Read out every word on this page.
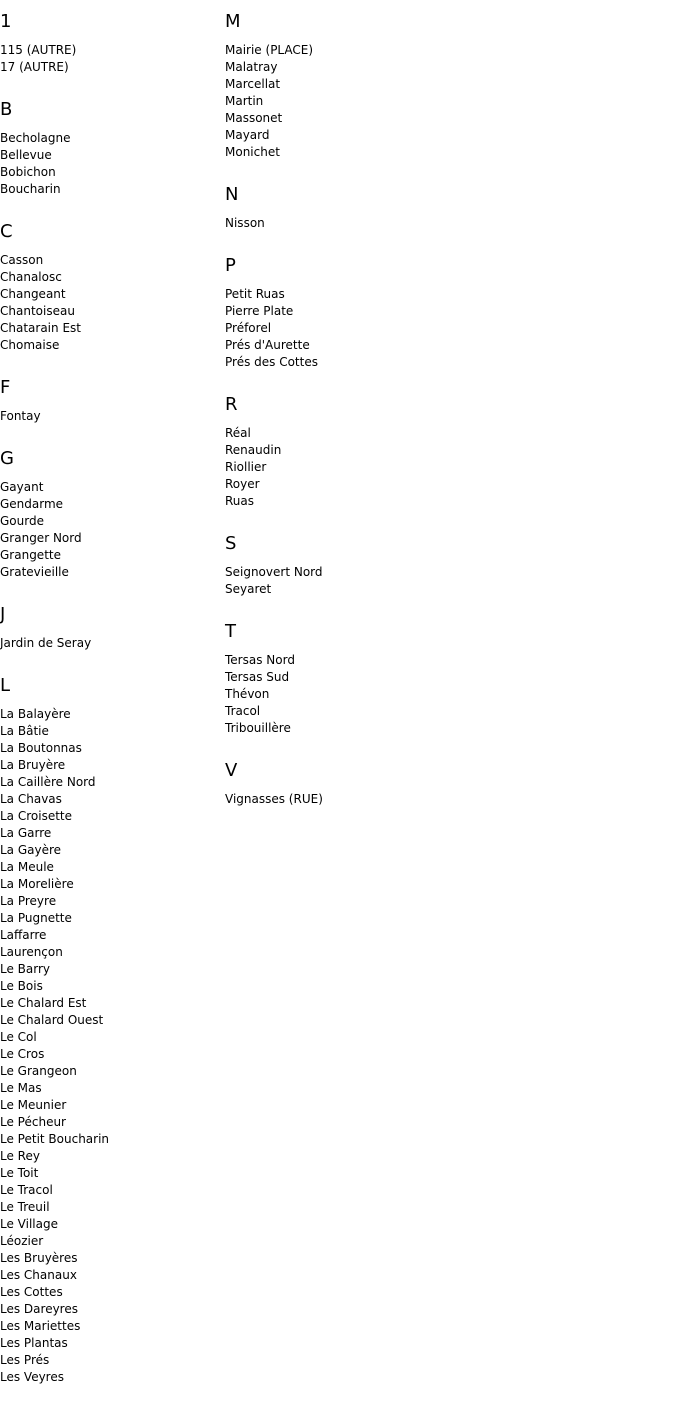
1
115 (AUTRE)
17 (AUTRE)
B
Becholagne
Bellevue
Bobichon
Boucharin
C
Casson
Chanalosc
Changeant
Chantoiseau
Chatarain Est
Chomaise
F
Fontay
G
Gayant
Gendarme
Gourde
Granger Nord
Grangette
Gratevieille
J
Jardin de Seray
L
La Balayère
La Bâtie
La Boutonnas
La Bruyère
La Caillère Nord
La Chavas
La Croisette
La Garre
La Gayère
La Meule
La Morelière
La Preyre
La Pugnette
Laffarre
Laurençon
Le Barry
Le Bois
Le Chalard Est
Le Chalard Ouest
Le Col
Le Cros
Le Grangeon
Le Mas
Le Meunier
Le Pécheur
Le Petit Boucharin
Le Rey
Le Toit
Le Tracol
Le Treuil
Le Village
Léozier
Les Bruyères
Les Chanaux
Les Cottes
Les Dareyres
Les Mariettes
Les Plantas
Les Prés
Les Veyres
M
Mairie (PLACE)
Malatray
Marcellat
Martin
Massonet
Mayard
Monichet
N
Nisson
P
Petit Ruas
Pierre Plate
Préforel
Prés d'Aurette
Prés des Cottes
R
Réal
Renaudin
Riollier
Royer
Ruas
S
Seignovert Nord
Seyaret
T
Tersas Nord
Tersas Sud
Thévon
Tracol
Tribouillère
V
Vignasses (RUE)
